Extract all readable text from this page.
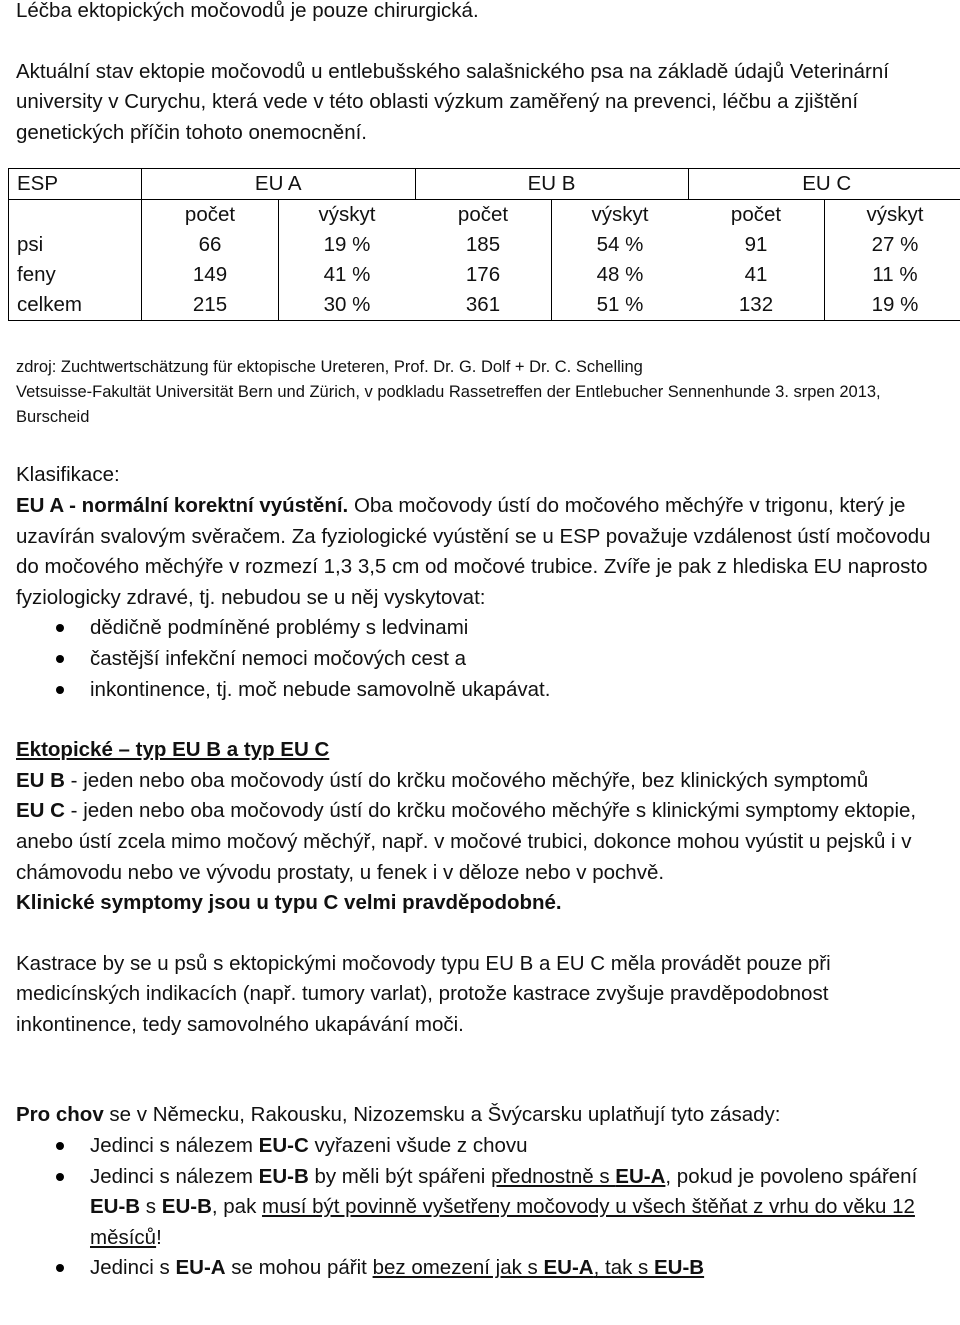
Léčba ektopických močovodů je pouze chirurgická.

Aktuální stav ektopie močovodů u entlebušského salašnického psa na základě údajů Veterinární university v Curychu, která vede v této oblasti výzkum zaměřený na prevenci, léčbu a zjištění genetických příčin tohoto onemocnění.

ESP	EU A		EU B		EU C	
	počet	výskyt	počet	výskyt	počet	výskyt
psi	66	19 %	185	54 %	91	27 %
feny	149	41 %	176	48 %	41	11 %
celkem	215	30 %	361	51 %	132	19 %

zdroj: Zuchtwertschätzung für ektopische Ureteren, Prof. Dr. G. Dolf + Dr. C. Schelling

Vetsuisse-Fakultät Universität Bern und Zürich, v podkladu Rassetreffen der Entlebucher Sennenhunde 3. srpen 2013, Burscheid

Klasifikace:

EU A - normální korektní vyústění. Oba močovody ústí do močového měchýře v trigonu, který je uzavírán svalovým svěračem. Za fyziologické vyústění se u ESP považuje vzdálenost ústí močovodu do močového měchýře v rozmezí 1,3 3,5 cm od močové trubice. Zvíře je pak z hlediska EU naprosto fyziologicky zdravé, tj. nebudou se u něj vyskytovat:

dědičně podmíněné problémy s ledvinami
častější infekční nemoci močových cest a
inkontinence, tj. moč nebude samovolně ukapávat.

Ektopické – typ EU B a typ EU C

EU B - jeden nebo oba močovody ústí do krčku močového měchýře, bez klinických symptomů

EU C - jeden nebo oba močovody ústí do krčku močového měchýře s klinickými symptomy ektopie, anebo ústí zcela mimo močový měchýř, např. v močové trubici, dokonce mohou vyústit u pejsků i v chámovodu nebo ve vývodu prostaty, u fenek i v děloze nebo v pochvě.

Klinické symptomy jsou u typu C velmi pravděpodobné.

Kastrace by se u psů s ektopickými močovody typu EU B a EU C měla provádět pouze při medicínských indikacích (např. tumory varlat), protože kastrace zvyšuje pravděpodobnost inkontinence, tedy samovolného ukapávání moči.

Pro chov se v Německu, Rakousku, Nizozemsku a Švýcarsku uplatňují tyto zásady:

Jedinci s nálezem EU-C vyřazeni všude z chovu
Jedinci s nálezem EU-B by měli být spářeni přednostně s EU-A, pokud je povoleno spáření EU-B s EU-B, pak musí být povinně vyšetřeny močovody u všech štěňat z vrhu do věku 12 měsíců!
Jedinci s EU-A se mohou pářit bez omezení jak s EU-A, tak s EU-B
